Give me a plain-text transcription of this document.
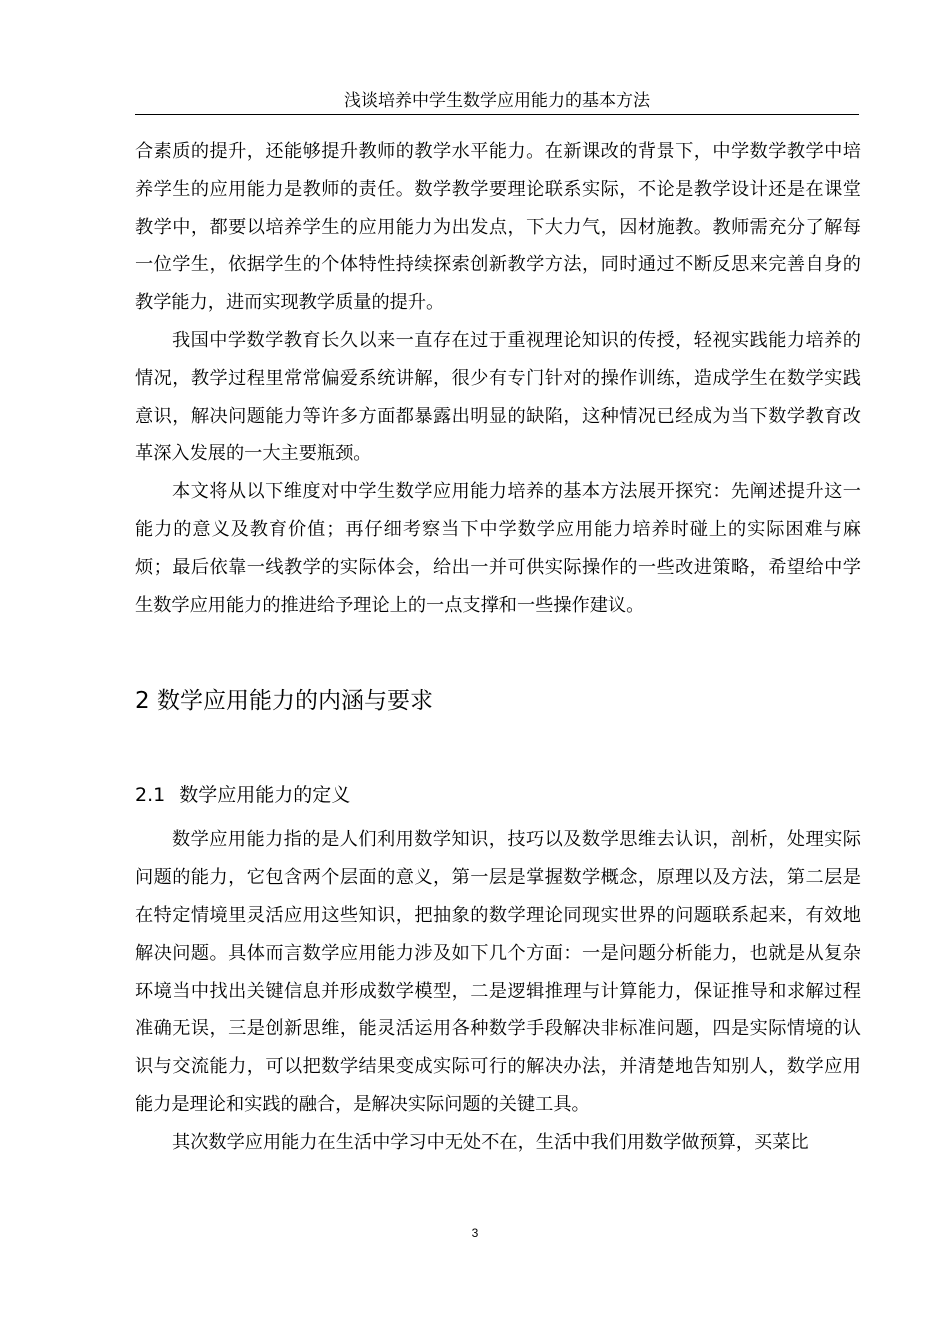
浅谈培养中学生数学应用能力的基本方法

合素质的提升，还能够提升教师的教学水平能力。在新课改的背景下，中学数学教学中培养学生的应用能力是教师的责任。数学教学要理论联系实际，不论是教学设计还是在课堂教学中，都要以培养学生的应用能力为出发点，下大力气，因材施教。教师需充分了解每一位学生，依据学生的个体特性持续探索创新教学方法，同时通过不断反思来完善自身的教学能力，进而实现教学质量的提升。

我国中学数学教育长久以来一直存在过于重视理论知识的传授，轻视实践能力培养的情况，教学过程里常常偏爱系统讲解，很少有专门针对的操作训练，造成学生在数学实践意识，解决问题能力等许多方面都暴露出明显的缺陷，这种情况已经成为当下数学教育改革深入发展的一大主要瓶颈。

本文将从以下维度对中学生数学应用能力培养的基本方法展开探究：先阐述提升这一能力的意义及教育价值；再仔细考察当下中学数学应用能力培养时碰上的实际困难与麻烦；最后依靠一线教学的实际体会，给出一并可供实际操作的一些改进策略，希望给中学生数学应用能力的推进给予理论上的一点支撑和一些操作建议。

2 数学应用能力的内涵与要求
2.1 数学应用能力的定义

数学应用能力指的是人们利用数学知识，技巧以及数学思维去认识，剖析，处理实际问题的能力，它包含两个层面的意义，第一层是掌握数学概念，原理以及方法，第二层是在特定情境里灵活应用这些知识，把抽象的数学理论同现实世界的问题联系起来，有效地解决问题。具体而言数学应用能力涉及如下几个方面：一是问题分析能力，也就是从复杂环境当中找出关键信息并形成数学模型，二是逻辑推理与计算能力，保证推导和求解过程准确无误，三是创新思维，能灵活运用各种数学手段解决非标准问题，四是实际情境的认识与交流能力，可以把数学结果变成实际可行的解决办法，并清楚地告知别人，数学应用能力是理论和实践的融合，是解决实际问题的关键工具。

其次数学应用能力在生活中学习中无处不在，生活中我们用数学做预算，买菜比

3
